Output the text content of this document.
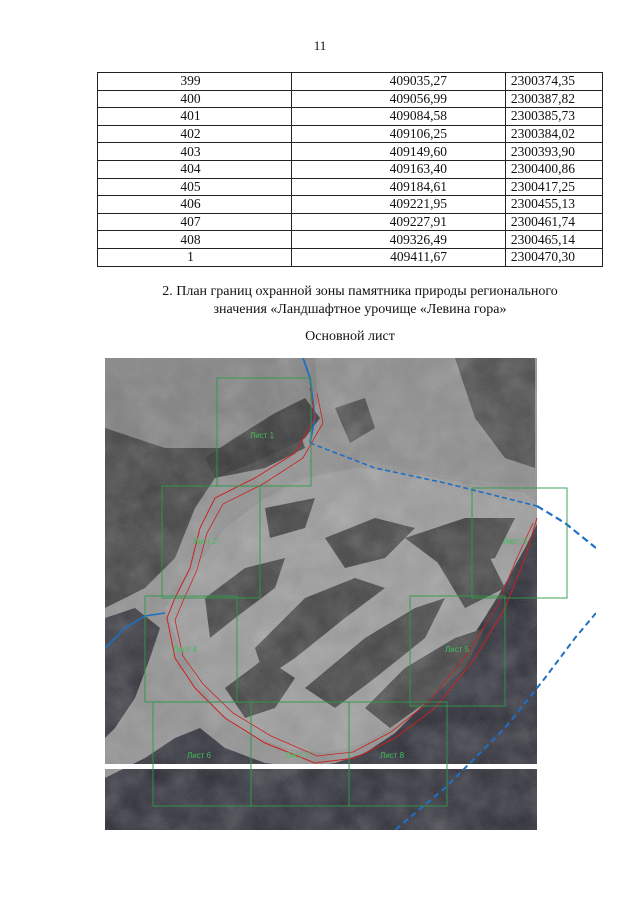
11
399	409035,27	2300374,35
400	409056,99	2300387,82
401	409084,58	2300385,73
402	409106,25	2300384,02
403	409149,60	2300393,90
404	409163,40	2300400,86
405	409184,61	2300417,25
406	409221,95	2300455,13
407	409227,91	2300461,74
408	409326,49	2300465,14
1	409411,67	2300470,30
2. План границ охранной зоны памятника природы регионального
значения «Ландшафтное урочище «Левина гора»
Основной лист
Лист 1
Лист 2	Лист 3
Лист 4	Лист 5
Лист 6	Лист 7	Лист 8
